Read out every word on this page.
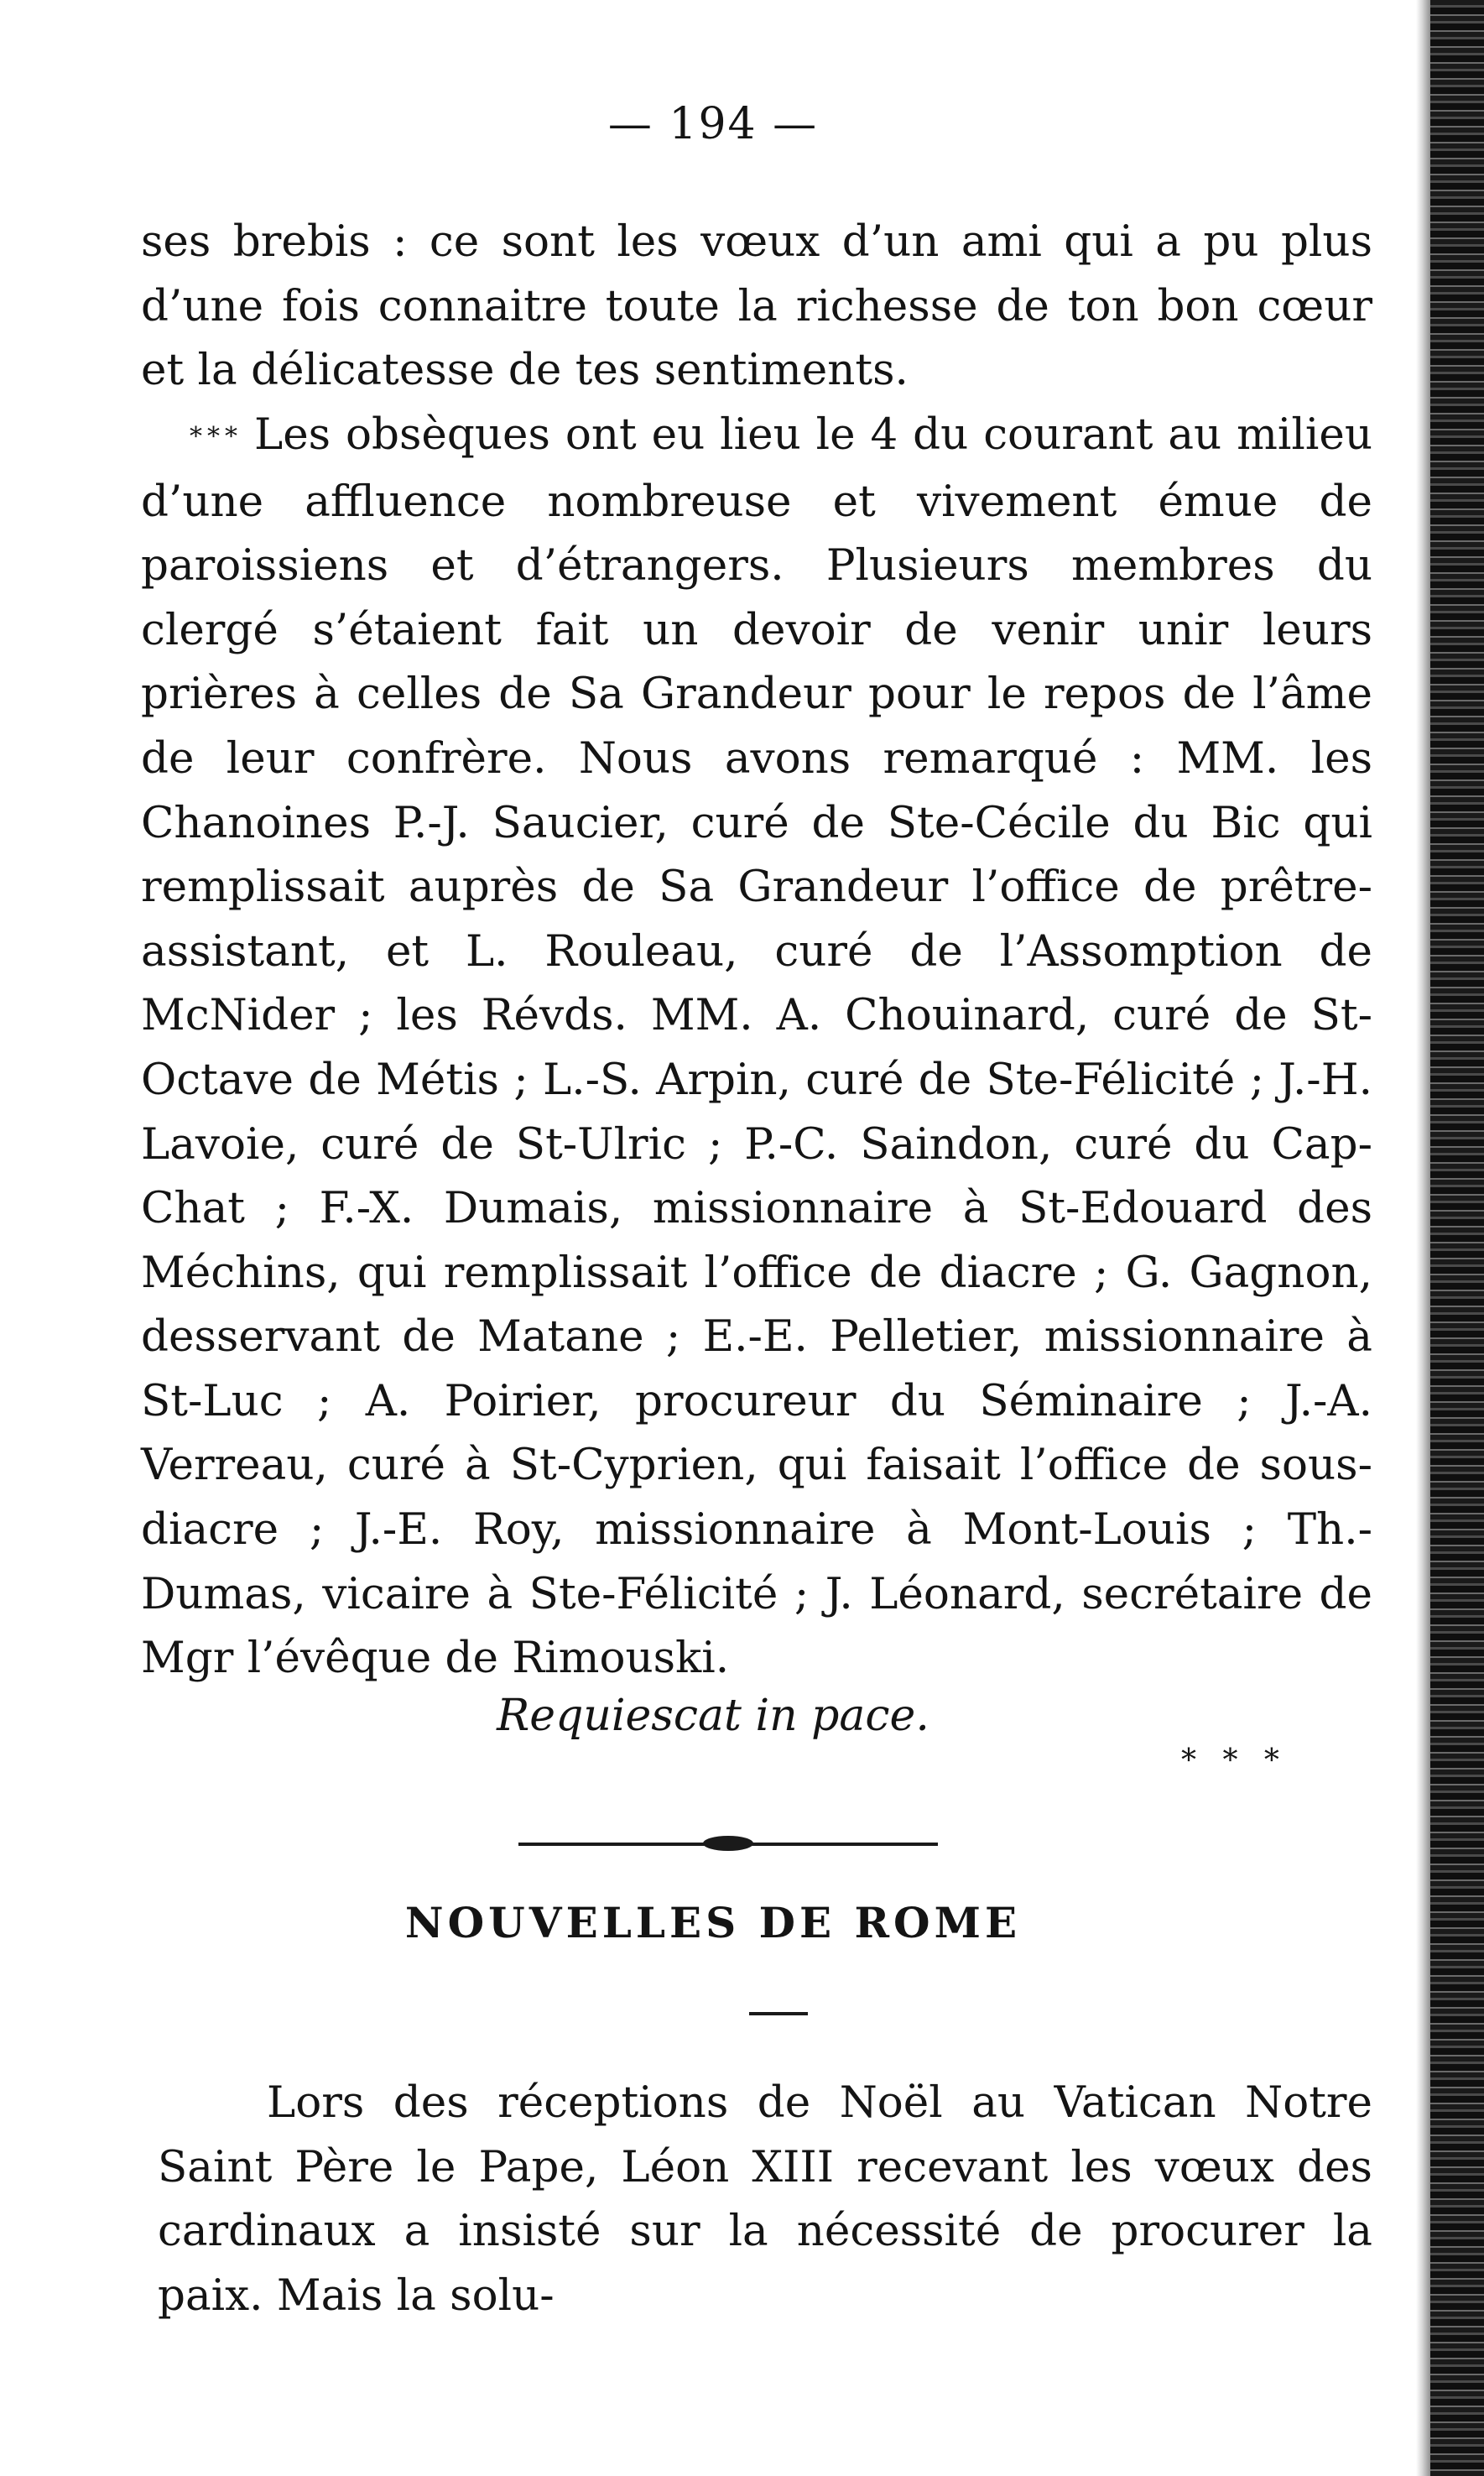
— 194 —

ses brebis : ce sont les vœux d’un ami qui a pu plus d’une fois connaitre toute la richesse de ton bon cœur et la délicatesse de tes sentiments.

*** Les obsèques ont eu lieu le 4 du courant au milieu d’une affluence nombreuse et vivement émue de paroissiens et d’étrangers. Plusieurs membres du clergé s’étaient fait un devoir de venir unir leurs prières à celles de Sa Grandeur pour le repos de l’âme de leur confrère. Nous avons remarqué : MM. les Chanoines P.-J. Saucier, curé de Ste-Cécile du Bic qui remplissait auprès de Sa Grandeur l’office de prêtre-assistant, et L. Rouleau, curé de l’Assomption de McNider ; les Révds. MM. A. Chouinard, curé de St-Octave de Métis ; L.-S. Arpin, curé de Ste-Félicité ; J.-H. Lavoie, curé de St-Ulric ; P.-C. Saindon, curé du Cap-Chat ; F.-X. Dumais, missionnaire à St-Edouard des Méchins, qui remplissait l’office de diacre ; G. Gagnon, desservant de Matane ; E.-E. Pelletier, missionnaire à St-Luc ; A. Poirier, procureur du Séminaire ; J.-A. Verreau, curé à St-Cyprien, qui faisait l’office de sous-diacre ; J.-E. Roy, missionnaire à Mont-Louis ; Th.-Dumas, vicaire à Ste-Félicité ; J. Léonard, secrétaire de Mgr l’évêque de Rimouski.

Requiescat in pace.
* * *
NOUVELLES DE ROME

Lors des réceptions de Noël au Vatican Notre Saint Père le Pape, Léon XIII recevant les vœux des cardinaux a insisté sur la nécessité de procurer la paix. Mais la solu-
